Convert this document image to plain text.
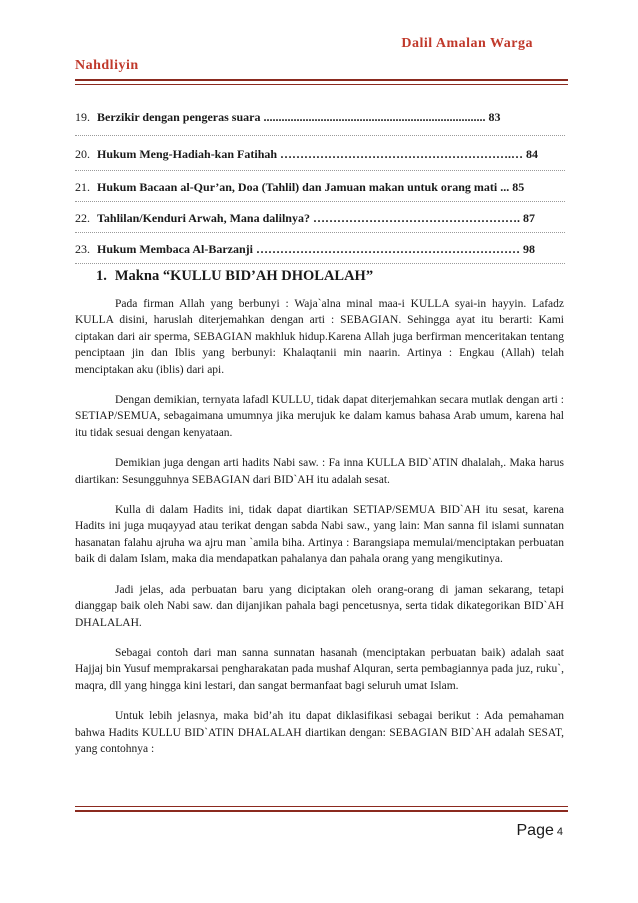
Dalil Amalan Warga
Nahdliyin
19. Berzikir dengan pengeras suara .......................................................................... 83
20. Hukum Meng-Hadiah-kan Fatihah ………………………………………………….… 84
21. Hukum Bacaan al-Qur’an, Doa (Tahlil) dan Jamuan makan untuk orang mati ... 85
22. Tahlilan/Kenduri Arwah, Mana dalilnya? ……………………………………………. 87
23. Hukum Membaca Al-Barzanji ………………………………………………………… 98
1. Makna “KULLU BID’AH DHOLALAH”

Pada firman Allah yang berbunyi : Waja`alna minal maa-i KULLA syai-in hayyin. Lafadz KULLA disini, haruslah diterjemahkan dengan arti : SEBAGIAN. Sehingga ayat itu berarti: Kami ciptakan dari air sperma, SEBAGIAN makhluk hidup.Karena Allah juga berfirman menceritakan tentang penciptaan jin dan Iblis yang berbunyi: Khalaqtanii min naarin. Artinya : Engkau (Allah) telah menciptakan aku (iblis) dari api.

Dengan demikian, ternyata lafadl KULLU, tidak dapat diterjemahkan secara mutlak dengan arti : SETIAP/SEMUA, sebagaimana umumnya jika merujuk ke dalam kamus bahasa Arab umum, karena hal itu tidak sesuai dengan kenyataan.

Demikian juga dengan arti hadits Nabi saw. : Fa inna KULLA BID`ATIN dhalalah,. Maka harus diartikan: Sesungguhnya SEBAGIAN dari BID`AH itu adalah sesat.

Kulla di dalam Hadits ini, tidak dapat diartikan SETIAP/SEMUA BID`AH itu sesat, karena Hadits ini juga muqayyad atau terikat dengan sabda Nabi saw., yang lain: Man sanna fil islami sunnatan hasanatan falahu ajruha wa ajru man `amila biha. Artinya : Barangsiapa memulai/menciptakan perbuatan baik di dalam Islam, maka dia mendapatkan pahalanya dan pahala orang yang mengikutinya.

Jadi jelas, ada perbuatan baru yang diciptakan oleh orang-orang di jaman sekarang, tetapi dianggap baik oleh Nabi saw. dan dijanjikan pahala bagi pencetusnya, serta tidak dikategorikan BID`AH DHALALAH.

Sebagai contoh dari man sanna sunnatan hasanah (menciptakan perbuatan baik) adalah saat Hajjaj bin Yusuf memprakarsai pengharakatan pada mushaf Alquran, serta pembagiannya pada juz, ruku`, maqra, dll yang hingga kini lestari, dan sangat bermanfaat bagi seluruh umat Islam.

Untuk lebih jelasnya, maka bid’ah itu dapat diklasifikasi sebagai berikut : Ada pemahaman bahwa Hadits KULLU BID`ATIN DHALALAH diartikan dengan: SEBAGIAN BID`AH adalah SESAT, yang contohnya :

Page 4
